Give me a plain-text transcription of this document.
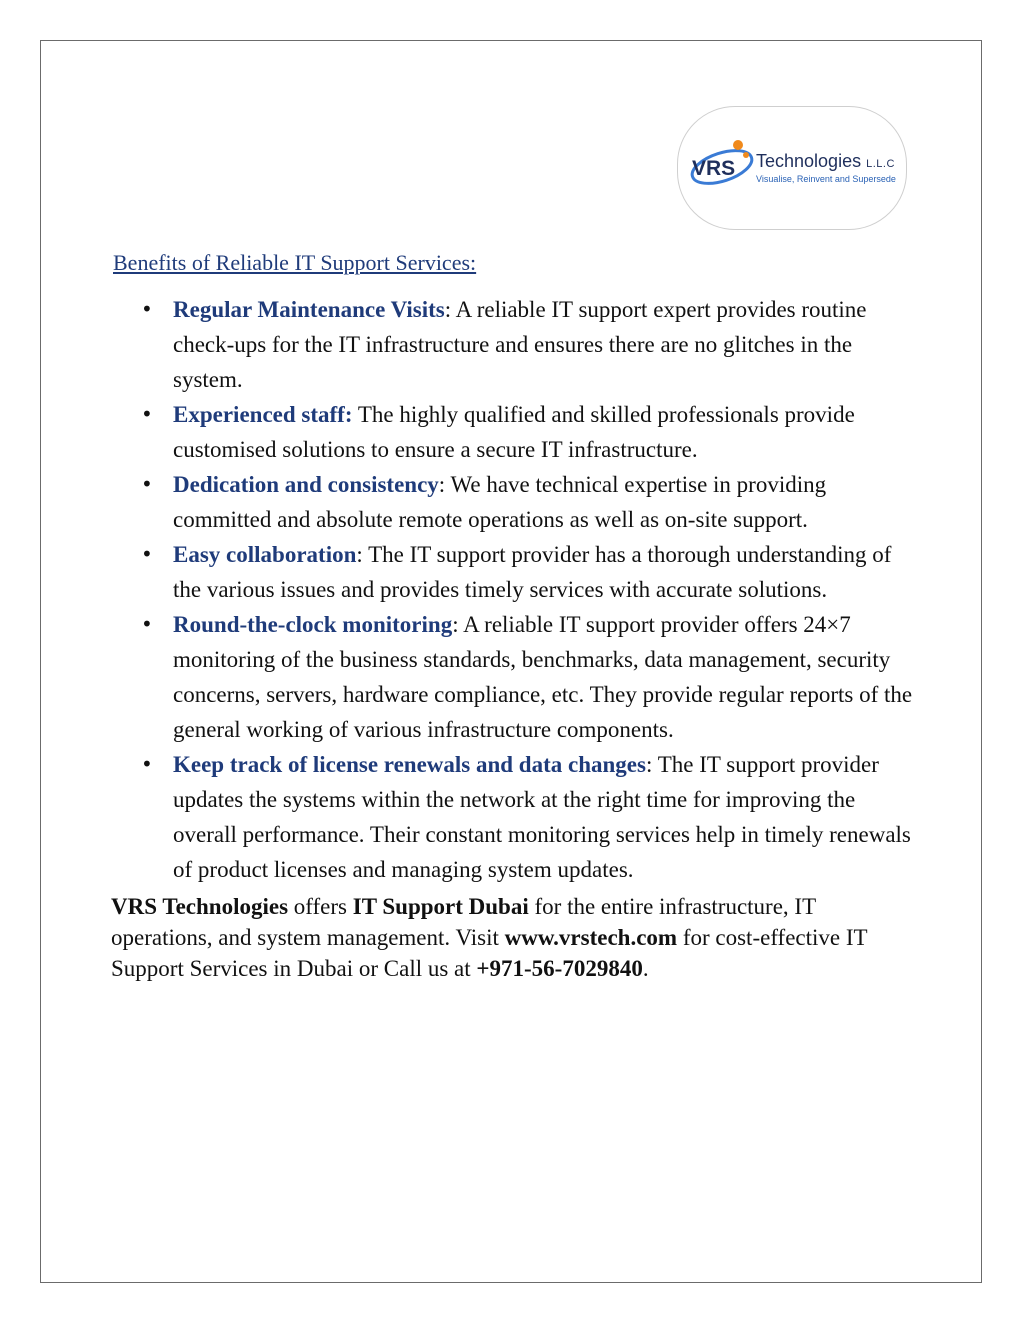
VRS Technologies L.L.C
Visualise, Reinvent and Supersede
Benefits of Reliable IT Support Services:
• Regular Maintenance Visits: A reliable IT support expert provides routine check-ups for the IT infrastructure and ensures there are no glitches in the system.
• Experienced staff: The highly qualified and skilled professionals provide customised solutions to ensure a secure IT infrastructure.
• Dedication and consistency: We have technical expertise in providing committed and absolute remote operations as well as on-site support.
• Easy collaboration: The IT support provider has a thorough understanding of the various issues and provides timely services with accurate solutions.
• Round-the-clock monitoring: A reliable IT support provider offers 24×7 monitoring of the business standards, benchmarks, data management, security concerns, servers, hardware compliance, etc. They provide regular reports of the general working of various infrastructure components.
• Keep track of license renewals and data changes: The IT support provider updates the systems within the network at the right time for improving the overall performance. Their constant monitoring services help in timely renewals of product licenses and managing system updates.

VRS Technologies offers IT Support Dubai for the entire infrastructure, IT operations, and system management. Visit www.vrstech.com for cost-effective IT Support Services in Dubai or Call us at +971-56-7029840.
